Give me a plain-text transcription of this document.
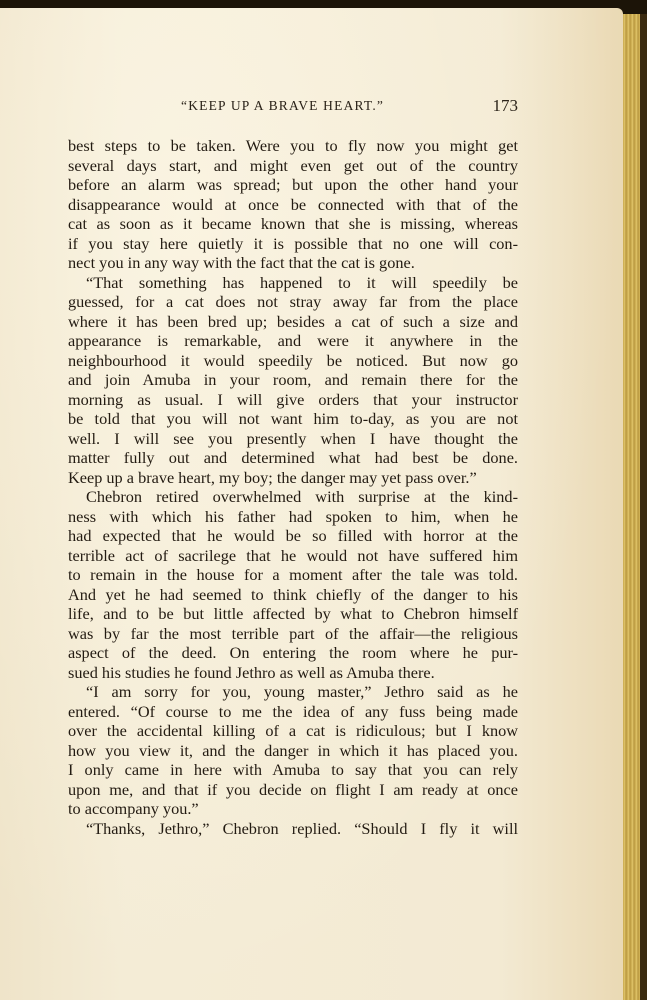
“KEEP UP A BRAVE HEART.”	173
best steps to be taken. Were you to fly now you might get
several days start, and might even get out of the country
before an alarm was spread; but upon the other hand your
disappearance would at once be connected with that of the
cat as soon as it became known that she is missing, whereas
if you stay here quietly it is possible that no one will con-
nect you in any way with the fact that the cat is gone.
“That something has happened to it will speedily be
guessed, for a cat does not stray away far from the place
where it has been bred up; besides a cat of such a size and
appearance is remarkable, and were it anywhere in the
neighbourhood it would speedily be noticed. But now go
and join Amuba in your room, and remain there for the
morning as usual. I will give orders that your instructor
be told that you will not want him to-day, as you are not
well. I will see you presently when I have thought the
matter fully out and determined what had best be done.
Keep up a brave heart, my boy; the danger may yet pass over.”
Chebron retired overwhelmed with surprise at the kind-
ness with which his father had spoken to him, when he
had expected that he would be so filled with horror at the
terrible act of sacrilege that he would not have suffered him
to remain in the house for a moment after the tale was told.
And yet he had seemed to think chiefly of the danger to his
life, and to be but little affected by what to Chebron himself
was by far the most terrible part of the affair—the religious
aspect of the deed. On entering the room where he pur-
sued his studies he found Jethro as well as Amuba there.
“I am sorry for you, young master,” Jethro said as he
entered. “Of course to me the idea of any fuss being made
over the accidental killing of a cat is ridiculous; but I know
how you view it, and the danger in which it has placed you.
I only came in here with Amuba to say that you can rely
upon me, and that if you decide on flight I am ready at once
to accompany you.”
“Thanks, Jethro,” Chebron replied. “Should I fly it will
